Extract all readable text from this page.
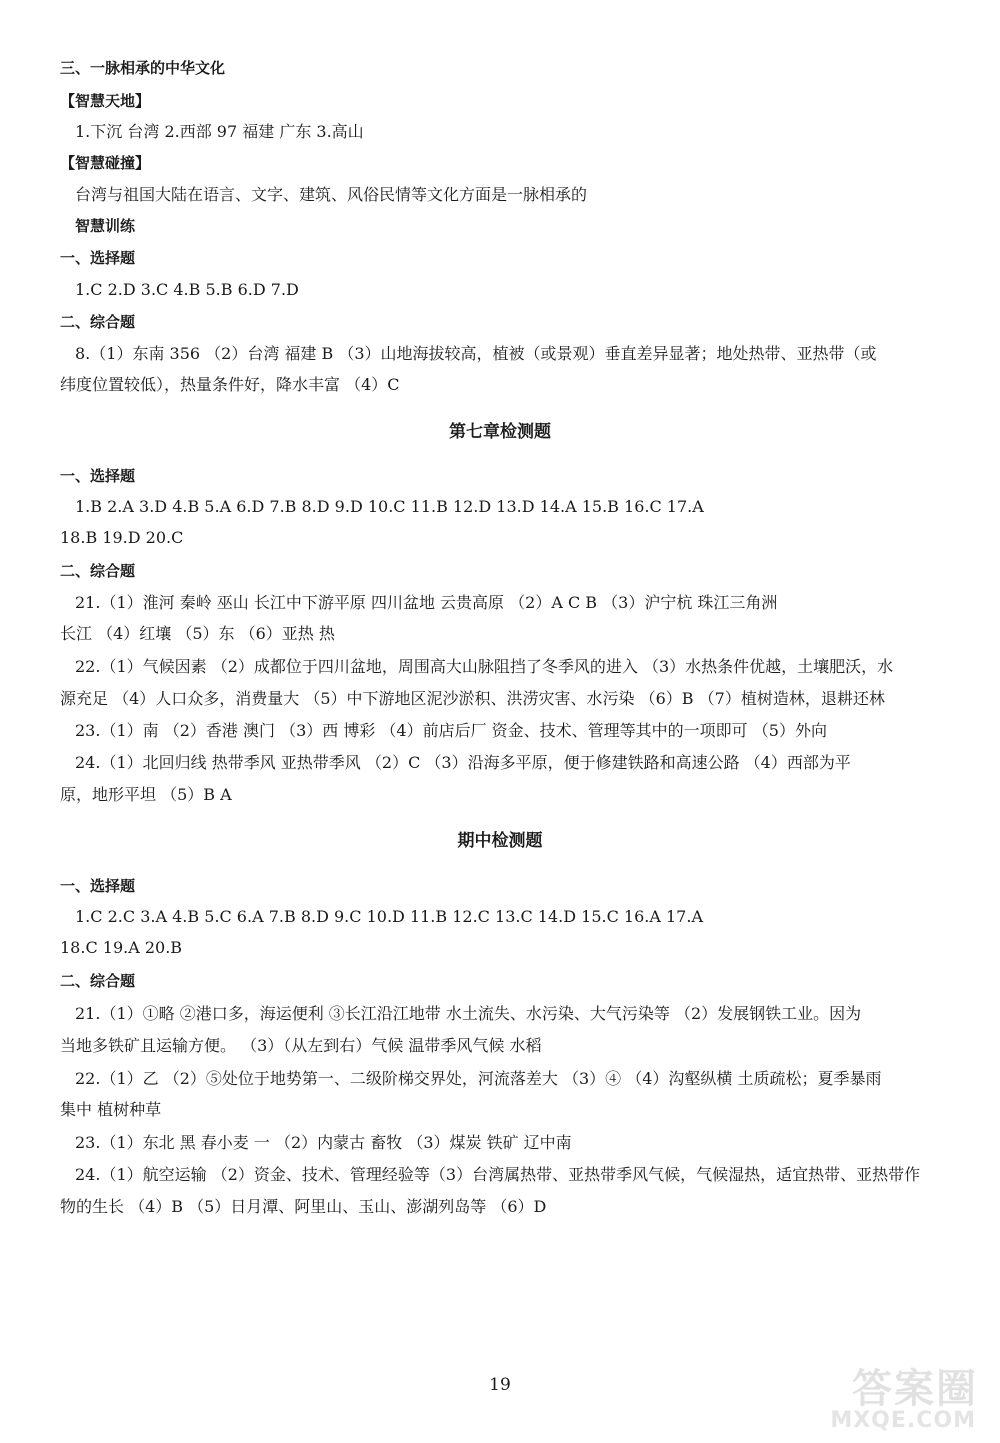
三、一脉相承的中华文化
【智慧天地】
1.下沉 台湾 2.西部 97 福建 广东 3.高山
【智慧碰撞】
台湾与祖国大陆在语言、文字、建筑、风俗民情等文化方面是一脉相承的
智慧训练
一、选择题
1.C 2.D 3.C 4.B 5.B 6.D 7.D
二、综合题
8.（1）东南 356 （2）台湾 福建 B （3）山地海拔较高，植被（或景观）垂直差异显著；地处热带、亚热带（或
纬度位置较低），热量条件好，降水丰富 （4）C
第七章检测题
一、选择题
1.B 2.A 3.D 4.B 5.A 6.D 7.B 8.D 9.D 10.C 11.B 12.D 13.D 14.A 15.B 16.C 17.A
18.B 19.D 20.C
二、综合题
21.（1）淮河 秦岭 巫山 长江中下游平原 四川盆地 云贵高原 （2）A C B （3）沪宁杭 珠江三角洲
长江 （4）红壤 （5）东 （6）亚热 热
22.（1）气候因素 （2）成都位于四川盆地，周围高大山脉阻挡了冬季风的进入 （3）水热条件优越，土壤肥沃，水
源充足 （4）人口众多，消费量大 （5）中下游地区泥沙淤积、洪涝灾害、水污染 （6）B （7）植树造林，退耕还林
23.（1）南 （2）香港 澳门 （3）西 博彩 （4）前店后厂 资金、技术、管理等其中的一项即可 （5）外向
24.（1）北回归线 热带季风 亚热带季风 （2）C （3）沿海多平原，便于修建铁路和高速公路 （4）西部为平
原，地形平坦 （5）B A
期中检测题
一、选择题
1.C 2.C 3.A 4.B 5.C 6.A 7.B 8.D 9.C 10.D 11.B 12.C 13.C 14.D 15.C 16.A 17.A
18.C 19.A 20.B
二、综合题
21.（1）①略 ②港口多，海运便利 ③长江沿江地带 水土流失、水污染、大气污染等 （2）发展钢铁工业。因为
当地多铁矿且运输方便。 （3）（从左到右）气候 温带季风气候 水稻
22.（1）乙 （2）⑤处位于地势第一、二级阶梯交界处，河流落差大 （3）④ （4）沟壑纵横 土质疏松；夏季暴雨
集中 植树种草
23.（1）东北 黑 春小麦 一 （2）内蒙古 畜牧 （3）煤炭 铁矿 辽中南
24.（1）航空运输 （2）资金、技术、管理经验等（3）台湾属热带、亚热带季风气候，气候湿热，适宜热带、亚热带作
物的生长 （4）B （5）日月潭、阿里山、玉山、澎湖列岛等 （6）D
19	答案圈
MXQE.COM
